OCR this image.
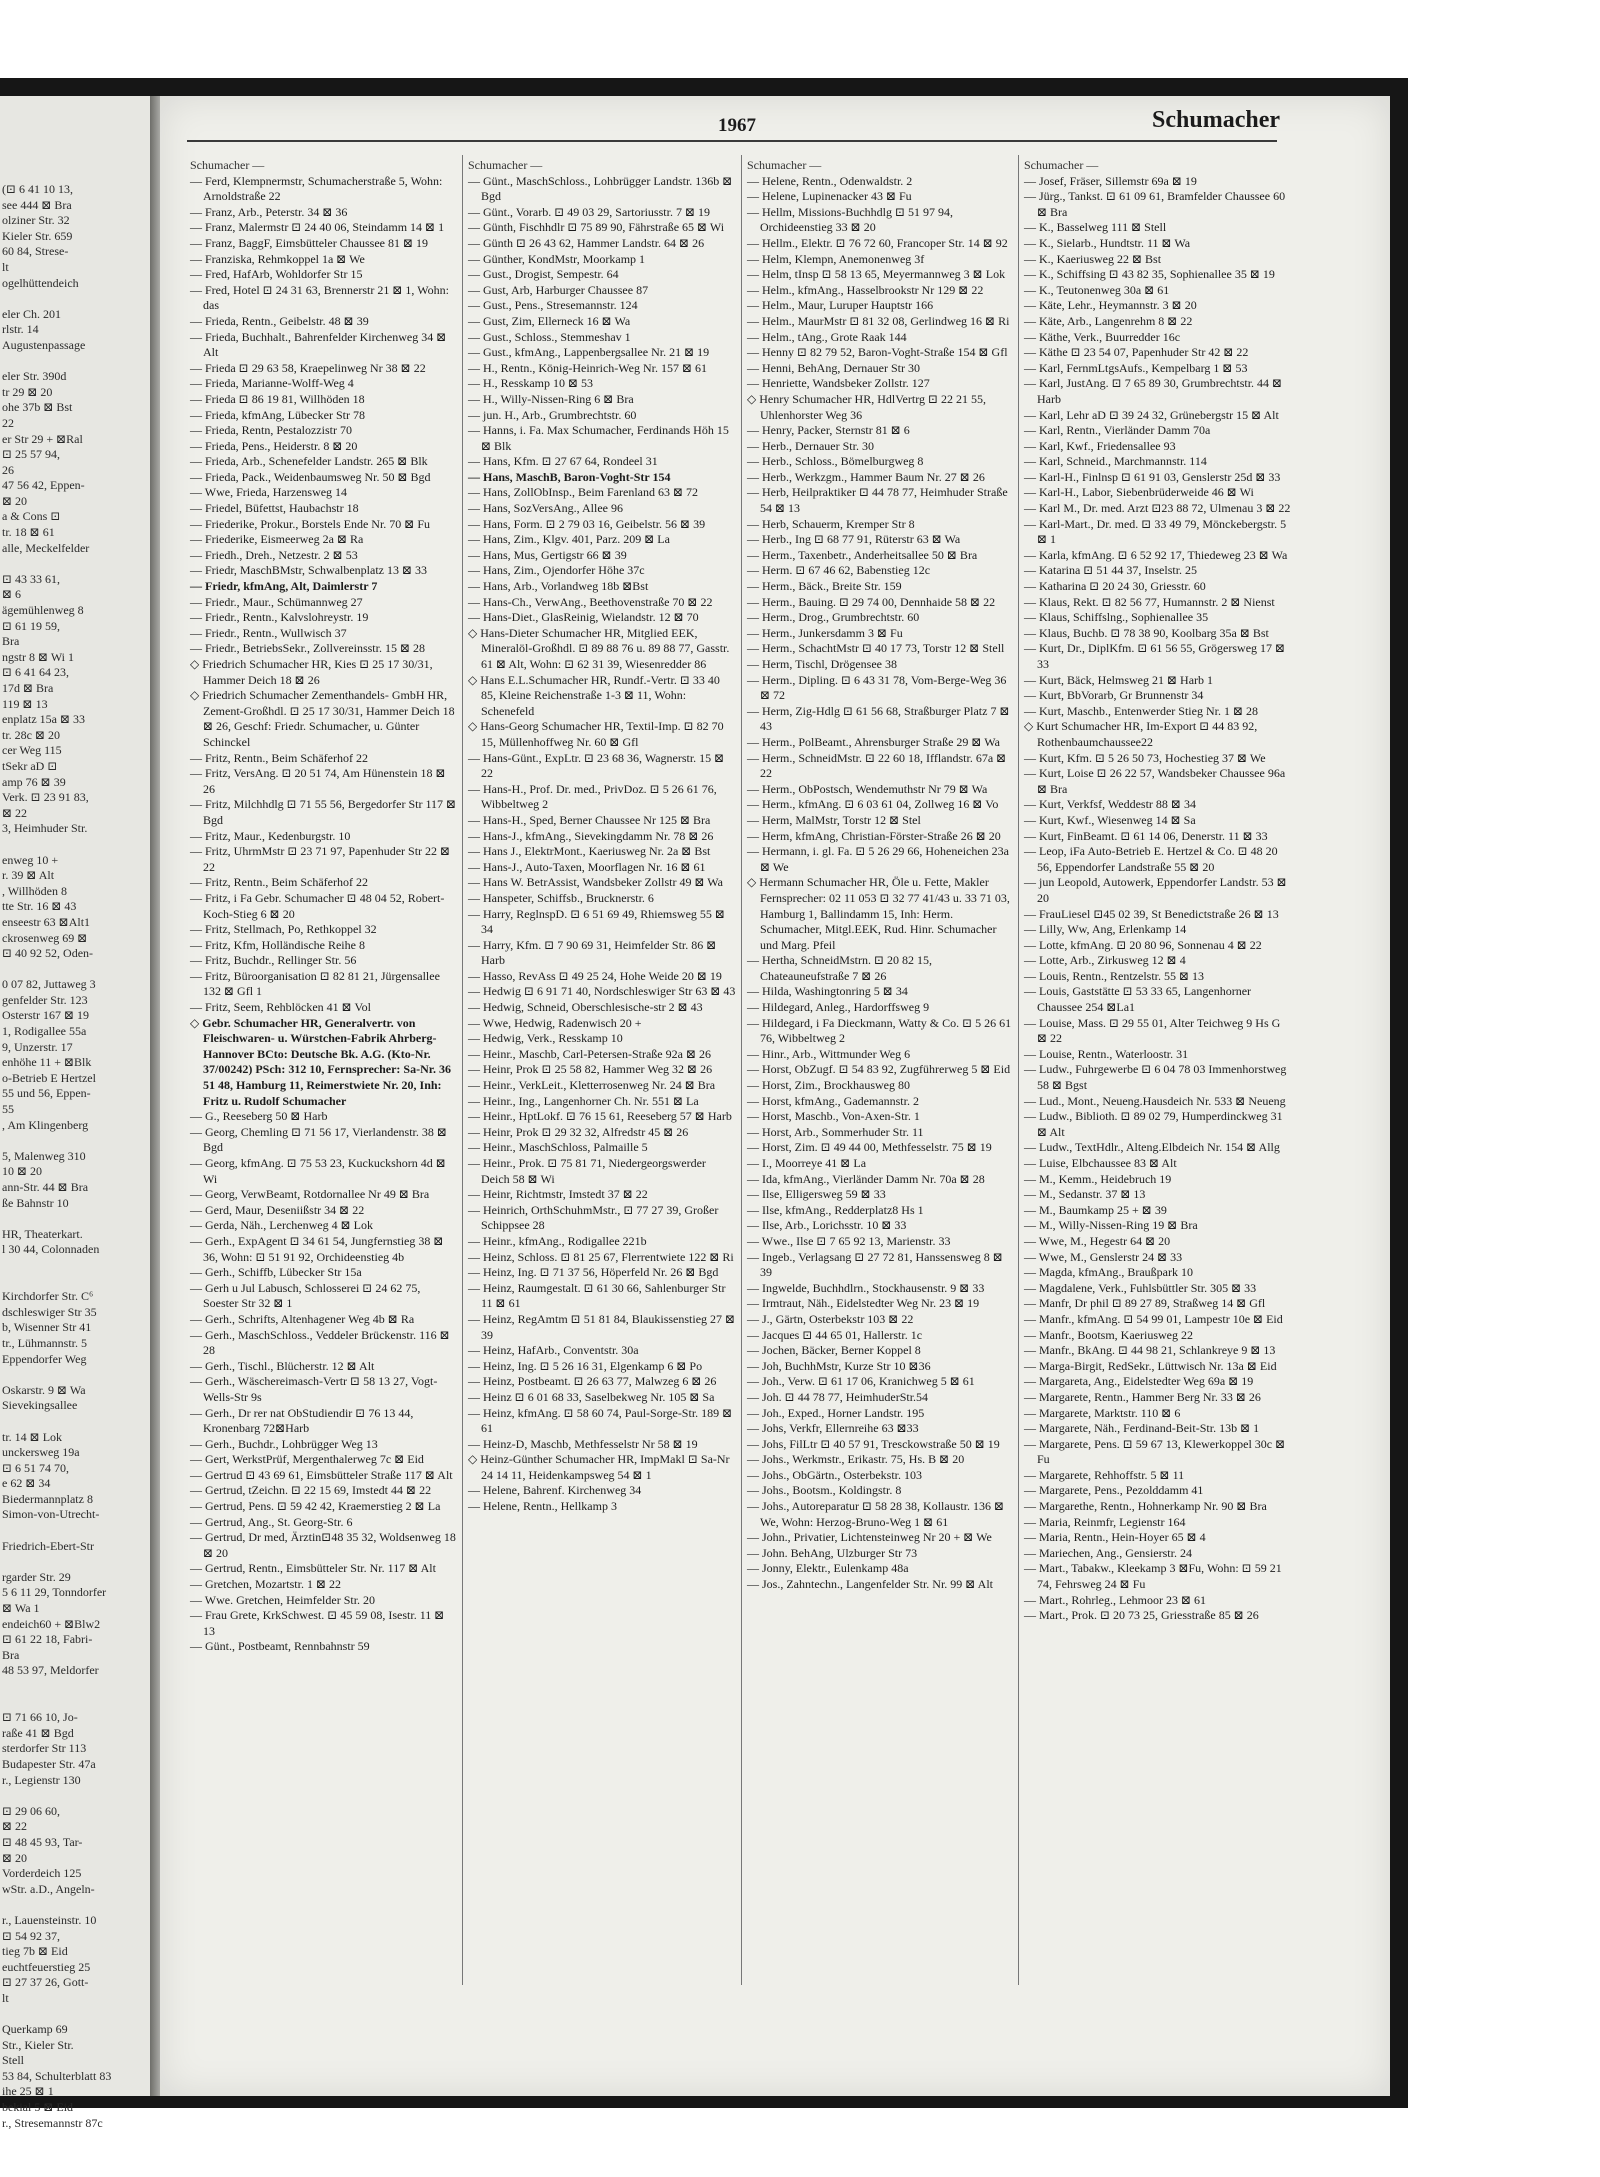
(⊡ 6 41 10 13,
see 444 ⊠ Bra
olziner Str. 32
Kieler Str. 659
60 84, Strese-
lt
ogelhüttendeich

eler Ch. 201
rlstr. 14
Augustenpassage

eler Str. 390d
tr 29 ⊠ 20
ohe 37b ⊠ Bst
22
er Str 29 + ⊠Ral
⊡ 25 57 94,
26
47 56 42, Eppen-
⊠ 20
a & Cons ⊡
tr. 18 ⊠ 61
alle, Meckelfelder

⊡ 43 33 61,
⊠ 6
ägemühlenweg 8
⊡ 61 19 59,
Bra
ngstr 8 ⊠ Wi 1
⊡ 6 41 64 23,
17d ⊠ Bra
119 ⊠ 13
enplatz 15a ⊠ 33
tr. 28c ⊠ 20
cer Weg 115
tSekr aD ⊡
amp 76 ⊠ 39
Verk. ⊡ 23 91 83,
⊠ 22
3, Heimhuder Str.

enweg 10 +
r. 39 ⊠ Alt
, Willhöden 8
tte Str. 16 ⊠ 43
enseestr 63 ⊠Alt1
ckrosenweg 69 ⊠
⊡ 40 92 52, Oden-

0 07 82, Juttaweg 3
genfelder Str. 123
Osterstr 167 ⊠ 19
1, Rodigallee 55a
9, Unzerstr. 17
enhöhe 11 + ⊠Blk
o-Betrieb E Hertzel
55 und 56, Eppen-
55
, Am Klingenberg

5, Malenweg 310
10 ⊠ 20
ann-Str. 44 ⊠ Bra
ße Bahnstr 10

HR, Theaterkart.
l 30 44, Colonnaden

Kirchdorfer Str. C⁶
dschleswiger Str 35
b, Wisenner Str 41
tr., Lühmannstr. 5
Eppendorfer Weg

Oskarstr. 9 ⊠ Wa
Sievekingsallee

tr. 14 ⊠ Lok
unckersweg 19a
⊡ 6 51 74 70,
e 62 ⊠ 34
Biedermannplatz 8
Simon-von-Utrecht-

Friedrich-Ebert-Str

rgarder Str. 29
5 6 11 29, Tonndorfer
⊠ Wa 1
endeich60 + ⊠Blw2
⊡ 61 22 18, Fabri-
Bra
48 53 97, Meldorfer

⊡ 71 66 10, Jo-
raße 41 ⊠ Bgd
sterdorfer Str 113
Budapester Str. 47a
r., Legienstr 130

⊡ 29 06 60,
⊠ 22
⊡ 48 45 93, Tar-
⊠ 20
Vorderdeich 125
wStr. a.D., Angeln-

r., Lauensteinstr. 10
⊡ 54 92 37,
tieg 7b ⊠ Eid
euchtfeuerstieg 25
⊡ 27 37 26, Gott-
lt

Querkamp 69
Str., Kieler Str.
Stell
53 84, Schulterblatt 83
ihe 25 ⊠ 1
bekial 5 ⊠ Eid
r., Stresemannstr 87c
1967	Schumacher
Schumacher —

— Ferd, Klempnermstr, Schumacherstraße 5, Wohn: Arnoldstraße 22

— Franz, Arb., Peterstr. 34 ⊠ 36

— Franz, Malermstr ⊡ 24 40 06, Steindamm 14 ⊠ 1

— Franz, BaggF, Eimsbütteler Chaussee 81 ⊠ 19

— Franziska, Rehmkoppel 1a ⊠ We

— Fred, HafArb, Wohldorfer Str 15

— Fred, Hotel ⊡ 24 31 63, Brennerstr 21 ⊠ 1, Wohn: das

— Frieda, Rentn., Geibelstr. 48 ⊠ 39

— Frieda, Buchhalt., Bahrenfelder Kirchenweg 34 ⊠ Alt

— Frieda ⊡ 29 63 58, Kraepelinweg Nr 38 ⊠ 22

— Frieda, Marianne-Wolff-Weg 4

— Frieda ⊡ 86 19 81, Willhöden 18

— Frieda, kfmAng, Lübecker Str 78

— Frieda, Rentn, Pestalozzistr 70

— Frieda, Pens., Heiderstr. 8 ⊠ 20

— Frieda, Arb., Schenefelder Landstr. 265 ⊠ Blk

— Frieda, Pack., Weidenbaumsweg Nr. 50 ⊠ Bgd

— Wwe, Frieda, Harzensweg 14

— Friedel, Büfettst, Haubachstr 18

— Friederike, Prokur., Borstels Ende Nr. 70 ⊠ Fu

— Friederike, Eismeerweg 2a ⊠ Ra

— Friedh., Dreh., Netzestr. 2 ⊠ 53

— Friedr, MaschBMstr, Schwalbenplatz 13 ⊠ 33

— Friedr, kfmAng, Alt, Daimlerstr 7

— Friedr., Maur., Schümannweg 27

— Friedr., Rentn., Kalvslohreystr. 19

— Friedr., Rentn., Wullwisch 37

— Friedr., BetriebsSekr., Zollvereinsstr. 15 ⊠ 28

◇ Friedrich Schumacher HR, Kies ⊡ 25 17 30/31, Hammer Deich 18 ⊠ 26

◇ Friedrich Schumacher Zementhandels- GmbH HR, Zement-Großhdl. ⊡ 25 17 30/31, Hammer Deich 18 ⊠ 26, Geschf: Friedr. Schumacher, u. Günter Schinckel

— Fritz, Rentn., Beim Schäferhof 22

— Fritz, VersAng. ⊡ 20 51 74, Am Hünenstein 18 ⊠ 26

— Fritz, Milchhdlg ⊡ 71 55 56, Bergedorfer Str 117 ⊠ Bgd

— Fritz, Maur., Kedenburgstr. 10

— Fritz, UhrmMstr ⊡ 23 71 97, Papenhuder Str 22 ⊠ 22

— Fritz, Rentn., Beim Schäferhof 22

— Fritz, i Fa Gebr. Schumacher ⊡ 48 04 52, Robert-Koch-Stieg 6 ⊠ 20

— Fritz, Stellmach, Po, Rethkoppel 32

— Fritz, Kfm, Holländische Reihe 8

— Fritz, Buchdr., Rellinger Str. 56

— Fritz, Büroorganisation ⊡ 82 81 21, Jürgensallee 132 ⊠ Gfl 1

— Fritz, Seem, Rehblöcken 41 ⊠ Vol

◇ Gebr. Schumacher HR, Generalvertr. von Fleischwaren- u. Würstchen-Fabrik Ahrberg-Hannover BCto: Deutsche Bk. A.G. (Kto-Nr. 37/00242) PSch: 312 10, Fernsprecher: Sa-Nr. 36 51 48, Hamburg 11, Reimerstwiete Nr. 20, Inh: Fritz u. Rudolf Schumacher

— G., Reeseberg 50 ⊠ Harb

— Georg, Chemling ⊡ 71 56 17, Vierlandenstr. 38 ⊠ Bgd

— Georg, kfmAng. ⊡ 75 53 23, Kuckuckshorn 4d ⊠ Wi

— Georg, VerwBeamt, Rotdornallee Nr 49 ⊠ Bra

— Gerd, Maur, Deseniißstr 34 ⊠ 22

— Gerda, Näh., Lerchenweg 4 ⊠ Lok

— Gerh., ExpAgent ⊡ 34 61 54, Jungfernstieg 38 ⊠ 36, Wohn: ⊡ 51 91 92, Orchideenstieg 4b

— Gerh., Schiffb, Lübecker Str 15a

— Gerh u Jul Labusch, Schlosserei ⊡ 24 62 75, Soester Str 32 ⊠ 1

— Gerh., Schrifts, Altenhagener Weg 4b ⊠ Ra

— Gerh., MaschSchloss., Veddeler Brückenstr. 116 ⊠ 28

— Gerh., Tischl., Blücherstr. 12 ⊠ Alt

— Gerh., Wäschereimasch-Vertr ⊡ 58 13 27, Vogt-Wells-Str 9s

— Gerh., Dr rer nat ObStudiendir ⊡ 76 13 44, Kronenbarg 72⊠Harb

— Gerh., Buchdr., Lohbrügger Weg 13

— Gert, WerkstPrüf, Mergenthalerweg 7c ⊠ Eid

— Gertrud ⊡ 43 69 61, Eimsbütteler Straße 117 ⊠ Alt

— Gertrud, tZeichn. ⊡ 22 15 69, Imstedt 44 ⊠ 22

— Gertrud, Pens. ⊡ 59 42 42, Kraemerstieg 2 ⊠ La

— Gertrud, Ang., St. Georg-Str. 6

— Gertrud, Dr med, Ärztin⊡48 35 32, Woldsenweg 18 ⊠ 20

— Gertrud, Rentn., Eimsbütteler Str. Nr. 117 ⊠ Alt

— Gretchen, Mozartstr. 1 ⊠ 22

— Wwe. Gretchen, Heimfelder Str. 20

— Frau Grete, KrkSchwest. ⊡ 45 59 08, Isestr. 11 ⊠ 13

— Günt., Postbeamt, Rennbahnstr 59

Schumacher —

— Günt., MaschSchloss., Lohbrügger Landstr. 136b ⊠ Bgd

— Günt., Vorarb. ⊡ 49 03 29, Sartoriusstr. 7 ⊠ 19

— Günth, Fischhdlr ⊡ 75 89 90, Fährstraße 65 ⊠ Wi

— Günth ⊡ 26 43 62, Hammer Landstr. 64 ⊠ 26

— Günther, KondMstr, Moorkamp 1

— Gust., Drogist, Sempestr. 64

— Gust, Arb, Harburger Chaussee 87

— Gust., Pens., Stresemannstr. 124

— Gust, Zim, Ellerneck 16 ⊠ Wa

— Gust., Schloss., Stemmeshav 1

— Gust., kfmAng., Lappenbergsallee Nr. 21 ⊠ 19

— H., Rentn., König-Heinrich-Weg Nr. 157 ⊠ 61

— H., Resskamp 10 ⊠ 53

— H., Willy-Nissen-Ring 6 ⊠ Bra

— jun. H., Arb., Grumbrechtstr. 60

— Hanns, i. Fa. Max Schumacher, Ferdinands Höh 15 ⊠ Blk

— Hans, Kfm. ⊡ 27 67 64, Rondeel 31

— Hans, MaschB, Baron-Voght-Str 154

— Hans, ZollObInsp., Beim Farenland 63 ⊠ 72

— Hans, SozVersAng., Allee 96

— Hans, Form. ⊡ 2 79 03 16, Geibelstr. 56 ⊠ 39

— Hans, Zim., Klgv. 401, Parz. 209 ⊠ La

— Hans, Mus, Gertigstr 66 ⊠ 39

— Hans, Zim., Ojendorfer Höhe 37c

— Hans, Arb., Vorlandweg 18b ⊠Bst

— Hans-Ch., VerwAng., Beethovenstraße 70 ⊠ 22

— Hans-Diet., GlasReinig, Wielandstr. 12 ⊠ 70

◇ Hans-Dieter Schumacher HR, Mitglied EEK, Mineralöl-Großhdl. ⊡ 89 88 76 u. 89 88 77, Gasstr. 61 ⊠ Alt, Wohn: ⊡ 62 31 39, Wiesenredder 86

◇ Hans E.L.Schumacher HR, Rundf.-Vertr. ⊡ 33 40 85, Kleine Reichenstraße 1-3 ⊠ 11, Wohn: Schenefeld

◇ Hans-Georg Schumacher HR, Textil-Imp. ⊡ 82 70 15, Müllenhoffweg Nr. 60 ⊠ Gfl

— Hans-Günt., ExpLtr. ⊡ 23 68 36, Wagnerstr. 15 ⊠ 22

— Hans-H., Prof. Dr. med., PrivDoz. ⊡ 5 26 61 76, Wibbeltweg 2

— Hans-H., Sped, Berner Chaussee Nr 125 ⊠ Bra

— Hans-J., kfmAng., Sievekingdamm Nr. 78 ⊠ 26

— Hans J., ElektrMont., Kaeriusweg Nr. 2a ⊠ Bst

— Hans-J., Auto-Taxen, Moorflagen Nr. 16 ⊠ 61

— Hans W. BetrAssist, Wandsbeker Zollstr 49 ⊠ Wa

— Hanspeter, Schiffsb., Brucknerstr. 6

— Harry, ReglnspD. ⊡ 6 51 69 49, Rhiemsweg 55 ⊠ 34

— Harry, Kfm. ⊡ 7 90 69 31, Heimfelder Str. 86 ⊠ Harb

— Hasso, RevAss ⊡ 49 25 24, Hohe Weide 20 ⊠ 19

— Hedwig ⊡ 6 91 71 40, Nordschleswiger Str 63 ⊠ 43

— Hedwig, Schneid, Oberschlesische-str 2 ⊠ 43

— Wwe, Hedwig, Radenwisch 20 +

— Hedwig, Verk., Resskamp 10

— Heinr., Maschb, Carl-Petersen-Straße 92a ⊠ 26

— Heinr, Prok ⊡ 25 58 82, Hammer Weg 32 ⊠ 26

— Heinr., VerkLeit., Kletterrosenweg Nr. 24 ⊠ Bra

— Heinr., Ing., Langenhorner Ch. Nr. 551 ⊠ La

— Heinr., HptLokf. ⊡ 76 15 61, Reeseberg 57 ⊠ Harb

— Heinr, Prok ⊡ 29 32 32, Alfredstr 45 ⊠ 26

— Heinr., MaschSchloss, Palmaille 5

— Heinr., Prok. ⊡ 75 81 71, Niedergeorgswerder Deich 58 ⊠ Wi

— Heinr, Richtmstr, Imstedt 37 ⊠ 22

— Heinrich, OrthSchuhmMstr., ⊡ 77 27 39, Großer Schippsee 28

— Heinr., kfmAng., Rodigallee 221b

— Heinz, Schloss. ⊡ 81 25 67, Flerrentwiete 122 ⊠ Ri

— Heinz, Ing. ⊡ 71 37 56, Höperfeld Nr. 26 ⊠ Bgd

— Heinz, Raumgestalt. ⊡ 61 30 66, Sahlenburger Str 11 ⊠ 61

— Heinz, RegAmtm ⊡ 51 81 84, Blaukissenstieg 27 ⊠ 39

— Heinz, HafArb., Conventstr. 30a

— Heinz, Ing. ⊡ 5 26 16 31, Elgenkamp 6 ⊠ Po

— Heinz, Postbeamt. ⊡ 26 63 77, Malwzeg 6 ⊠ 26

— Heinz ⊡ 6 01 68 33, Saselbekweg Nr. 105 ⊠ Sa

— Heinz, kfmAng. ⊡ 58 60 74, Paul-Sorge-Str. 189 ⊠ 61

— Heinz-D, Maschb, Methfesselstr Nr 58 ⊠ 19

◇ Heinz-Günther Schumacher HR, ImpMakl ⊡ Sa-Nr 24 14 11, Heidenkampsweg 54 ⊠ 1

— Helene, Bahrenf. Kirchenweg 34

— Helene, Rentn., Hellkamp 3

Schumacher —

— Helene, Rentn., Odenwaldstr. 2

— Helene, Lupinenacker 43 ⊠ Fu

— Hellm, Missions-Buchhdlg ⊡ 51 97 94, Orchideenstieg 33 ⊠ 20

— Hellm., Elektr. ⊡ 76 72 60, Francoper Str. 14 ⊠ 92

— Helm, Klempn, Anemonenweg 3f

— Helm, tInsp ⊡ 58 13 65, Meyermannweg 3 ⊠ Lok

— Helm., kfmAng., Hasselbrookstr Nr 129 ⊠ 22

— Helm., Maur, Luruper Hauptstr 166

— Helm., MaurMstr ⊡ 81 32 08, Gerlindweg 16 ⊠ Ri

— Helm., tAng., Grote Raak 144

— Henny ⊡ 82 79 52, Baron-Voght-Straße 154 ⊠ Gfl

— Henni, BehAng, Dernauer Str 30

— Henriette, Wandsbeker Zollstr. 127

◇ Henry Schumacher HR, HdlVertrg ⊡ 22 21 55, Uhlenhorster Weg 36

— Henry, Packer, Sternstr 81 ⊠ 6

— Herb., Dernauer Str. 30

— Herb., Schloss., Bömelburgweg 8

— Herb., Werkzgm., Hammer Baum Nr. 27 ⊠ 26

— Herb, Heilpraktiker ⊡ 44 78 77, Heimhuder Straße 54 ⊠ 13

— Herb, Schauerm, Kremper Str 8

— Herb., Ing ⊡ 68 77 91, Rüterstr 63 ⊠ Wa

— Herm., Taxenbetr., Anderheitsallee 50 ⊠ Bra

— Herm. ⊡ 67 46 62, Babenstieg 12c

— Herm., Bäck., Breite Str. 159

— Herm., Bauing. ⊡ 29 74 00, Dennhaide 58 ⊠ 22

— Herm., Drog., Grumbrechtstr. 60

— Herm., Junkersdamm 3 ⊠ Fu

— Herm., SchachtMstr ⊡ 40 17 73, Torstr 12 ⊠ Stell

— Herm, Tischl, Drögensee 38

— Herm., Dipling. ⊡ 6 43 31 78, Vom-Berge-Weg 36 ⊠ 72

— Herm, Zig-Hdlg ⊡ 61 56 68, Straßburger Platz 7 ⊠ 43

— Herm., PolBeamt., Ahrensburger Straße 29 ⊠ Wa

— Herm., SchneidMstr. ⊡ 22 60 18, Ifflandstr. 67a ⊠ 22

— Herm., ObPostsch, Wendemuthstr Nr 79 ⊠ Wa

— Herm., kfmAng. ⊡ 6 03 61 04, Zollweg 16 ⊠ Vo

— Herm, MalMstr, Torstr 12 ⊠ Stel

— Herm, kfmAng, Christian-Förster-Straße 26 ⊠ 20

— Hermann, i. gl. Fa. ⊡ 5 26 29 66, Hoheneichen 23a ⊠ We

◇ Hermann Schumacher HR, Öle u. Fette, Makler Fernsprecher: 02 11 053 ⊡ 32 77 41/43 u. 33 71 03, Hamburg 1, Ballindamm 15, Inh: Herm. Schumacher, Mitgl.EEK, Rud. Hinr. Schumacher und Marg. Pfeil

— Hertha, SchneidMstrn. ⊡ 20 82 15, Chateauneufstraße 7 ⊠ 26

— Hilda, Washingtonring 5 ⊠ 34

— Hildegard, Anleg., Hardorffsweg 9

— Hildegard, i Fa Dieckmann, Watty & Co. ⊡ 5 26 61 76, Wibbeltweg 2

— Hinr., Arb., Wittmunder Weg 6

— Horst, ObZugf. ⊡ 54 83 92, Zugführerweg 5 ⊠ Eid

— Horst, Zim., Brockhausweg 80

— Horst, kfmAng., Gademannstr. 2

— Horst, Maschb., Von-Axen-Str. 1

— Horst, Arb., Sommerhuder Str. 11

— Horst, Zim. ⊡ 49 44 00, Methfesselstr. 75 ⊠ 19

— I., Moorreye 41 ⊠ La

— Ida, kfmAng., Vierländer Damm Nr. 70a ⊠ 28

— Ilse, Elligersweg 59 ⊠ 33

— Ilse, kfmAng., Redderplatz8 Hs 1

— Ilse, Arb., Lorichsstr. 10 ⊠ 33

— Wwe., Ilse ⊡ 7 65 92 13, Marienstr. 33

— Ingeb., Verlagsang ⊡ 27 72 81, Hanssensweg 8 ⊠ 39

— Ingwelde, Buchhdlrn., Stockhausenstr. 9 ⊠ 33

— Irmtraut, Näh., Eidelstedter Weg Nr. 23 ⊠ 19

— J., Gärtn, Osterbekstr 103 ⊠ 22

— Jacques ⊡ 44 65 01, Hallerstr. 1c

— Jochen, Bäcker, Berner Koppel 8

— Joh, BuchhMstr, Kurze Str 10 ⊠36

— Joh., Verw. ⊡ 61 17 06, Kranichweg 5 ⊠ 61

— Joh. ⊡ 44 78 77, HeimhuderStr.54

— Joh., Exped., Horner Landstr. 195

— Johs, Verkfr, Ellernreihe 63 ⊠33

— Johs, FilLtr ⊡ 40 57 91, Tresckowstraße 50 ⊠ 19

— Johs., Werkmstr., Erikastr. 75, Hs. B ⊠ 20

— Johs., ObGärtn., Osterbekstr. 103

— Johs., Bootsm., Koldingstr. 8

— Johs., Autoreparatur ⊡ 58 28 38, Kollaustr. 136 ⊠ We, Wohn: Herzog-Bruno-Weg 1 ⊠ 61

— John., Privatier, Lichtensteinweg Nr 20 + ⊠ We

— John. BehAng, Ulzburger Str 73

— Jonny, Elektr., Eulenkamp 48a

— Jos., Zahntechn., Langenfelder Str. Nr. 99 ⊠ Alt

Schumacher —

— Josef, Fräser, Sillemstr 69a ⊠ 19

— Jürg., Tankst. ⊡ 61 09 61, Bramfelder Chaussee 60 ⊠ Bra

— K., Basselweg 111 ⊠ Stell

— K., Sielarb., Hundtstr. 11 ⊠ Wa

— K., Kaeriusweg 22 ⊠ Bst

— K., Schiffsing ⊡ 43 82 35, Sophienallee 35 ⊠ 19

— K., Teutonenweg 30a ⊠ 61

— Käte, Lehr., Heymannstr. 3 ⊠ 20

— Käte, Arb., Langenrehm 8 ⊠ 22

— Käthe, Verk., Buurredder 16c

— Käthe ⊡ 23 54 07, Papenhuder Str 42 ⊠ 22

— Karl, FernmLtgsAufs., Kempelbarg 1 ⊠ 53

— Karl, JustAng. ⊡ 7 65 89 30, Grumbrechtstr. 44 ⊠ Harb

— Karl, Lehr aD ⊡ 39 24 32, Grünebergstr 15 ⊠ Alt

— Karl, Rentn., Vierländer Damm 70a

— Karl, Kwf., Friedensallee 93

— Karl, Schneid., Marchmannstr. 114

— Karl-H., Finlnsp ⊡ 61 91 03, Genslerstr 25d ⊠ 33

— Karl-H., Labor, Siebenbrüderweide 46 ⊠ Wi

— Karl M., Dr. med. Arzt ⊡23 88 72, Ulmenau 3 ⊠ 22

— Karl-Mart., Dr. med. ⊡ 33 49 79, Mönckebergstr. 5 ⊠ 1

— Karla, kfmAng. ⊡ 6 52 92 17, Thiedeweg 23 ⊠ Wa

— Katarina ⊡ 51 44 37, Inselstr. 25

— Katharina ⊡ 20 24 30, Griesstr. 60

— Klaus, Rekt. ⊡ 82 56 77, Humannstr. 2 ⊠ Nienst

— Klaus, Schiffslng., Sophienallee 35

— Klaus, Buchb. ⊡ 78 38 90, Koolbarg 35a ⊠ Bst

— Kurt, Dr., DiplKfm. ⊡ 61 56 55, Grögersweg 17 ⊠ 33

— Kurt, Bäck, Helmsweg 21 ⊠ Harb 1

— Kurt, BbVorarb, Gr Brunnenstr 34

— Kurt, Maschb., Entenwerder Stieg Nr. 1 ⊠ 28

◇ Kurt Schumacher HR, Im-Export ⊡ 44 83 92, Rothenbaumchaussee22

— Kurt, Kfm. ⊡ 5 26 50 73, Hochestieg 37 ⊠ We

— Kurt, Loise ⊡ 26 22 57, Wandsbeker Chaussee 96a ⊠ Bra

— Kurt, Verkfsf, Weddestr 88 ⊠ 34

— Kurt, Kwf., Wiesenweg 14 ⊠ Sa

— Kurt, FinBeamt. ⊡ 61 14 06, Denerstr. 11 ⊠ 33

— Leop, iFa Auto-Betrieb E. Hertzel & Co. ⊡ 48 20 56, Eppendorfer Landstraße 55 ⊠ 20

— jun Leopold, Autowerk, Eppendorfer Landstr. 53 ⊠ 20

— FrauLiesel ⊡45 02 39, St Benedictstraße 26 ⊠ 13

— Lilly, Ww, Ang, Erlenkamp 14

— Lotte, kfmAng. ⊡ 20 80 96, Sonnenau 4 ⊠ 22

— Lotte, Arb., Zirkusweg 12 ⊠ 4

— Louis, Rentn., Rentzelstr. 55 ⊠ 13

— Louis, Gaststätte ⊡ 53 33 65, Langenhorner Chaussee 254 ⊠La1

— Louise, Mass. ⊡ 29 55 01, Alter Teichweg 9 Hs G ⊠ 22

— Louise, Rentn., Waterloostr. 31

— Ludw., Fuhrgewerbe ⊡ 6 04 78 03 Immenhorstweg 58 ⊠ Bgst

— Lud., Mont., Neueng.Hausdeich Nr. 533 ⊠ Neueng

— Ludw., Biblioth. ⊡ 89 02 79, Humperdinckweg 31 ⊠ Alt

— Ludw., TextHdlr., Alteng.Elbdeich Nr. 154 ⊠ Allg

— Luise, Elbchaussee 83 ⊠ Alt

— M., Kemm., Heidebruch 19

— M., Sedanstr. 37 ⊠ 13

— M., Baumkamp 25 + ⊠ 39

— M., Willy-Nissen-Ring 19 ⊠ Bra

— Wwe, M., Hegestr 64 ⊠ 20

— Wwe, M., Genslerstr 24 ⊠ 33

— Magda, kfmAng., Braußpark 10

— Magdalene, Verk., Fuhlsbüttler Str. 305 ⊠ 33

— Manfr, Dr phil ⊡ 89 27 89, Straßweg 14 ⊠ Gfl

— Manfr., kfmAng. ⊡ 54 99 01, Lampestr 10e ⊠ Eid

— Manfr., Bootsm, Kaeriusweg 22

— Manfr., BkAng. ⊡ 44 98 21, Schlankreye 9 ⊠ 13

— Marga-Birgit, RedSekr., Lüttwisch Nr. 13a ⊠ Eid

— Margareta, Ang., Eidelstedter Weg 69a ⊠ 19

— Margarete, Rentn., Hammer Berg Nr. 33 ⊠ 26

— Margarete, Marktstr. 110 ⊠ 6

— Margarete, Näh., Ferdinand-Beit-Str. 13b ⊠ 1

— Margarete, Pens. ⊡ 59 67 13, Klewerkoppel 30c ⊠ Fu

— Margarete, Rehhoffstr. 5 ⊠ 11

— Margarete, Pens., Pezolddamm 41

— Margarethe, Rentn., Hohnerkamp Nr. 90 ⊠ Bra

— Maria, Reinmfr, Legienstr 164

— Maria, Rentn., Hein-Hoyer 65 ⊠ 4

— Mariechen, Ang., Gensierstr. 24

— Mart., Tabakw., Kleekamp 3 ⊠Fu, Wohn: ⊡ 59 21 74, Fehrsweg 24 ⊠ Fu

— Mart., Rohrleg., Lehmoor 23 ⊠ 61

— Mart., Prok. ⊡ 20 73 25, Griesstraße 85 ⊠ 26
